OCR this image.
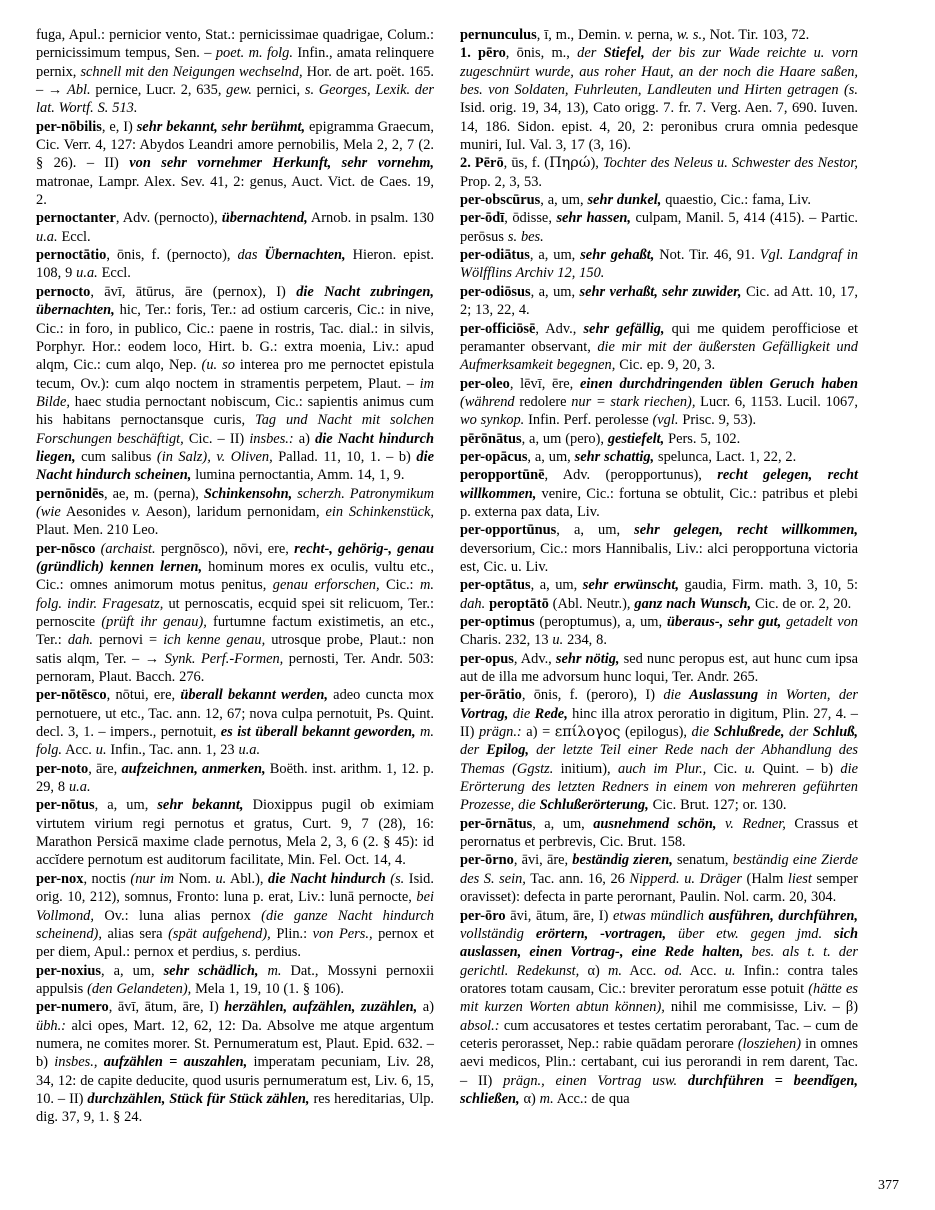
fuga, Apul.: pernicior vento, Stat.: pernicissimae quadrigae, Colum.: pernicissimum tempus, Sen. – poet. m. folg. Infin., amata relinquere pernix, schnell mit den Neigungen wechselnd, Hor. de art. poët. 165. – → Abl. pernice, Lucr. 2, 635, gew. pernici, s. Georges, Lexik. der lat. Wortf. S. 513.

per-nōbilis, e, I) sehr bekannt, sehr berühmt, epigramma Graecum, Cic. Verr. 4, 127: Abydos Leandri amore pernobilis, Mela 2, 2, 7 (2. § 26). – II) von sehr vornehmer Herkunft, sehr vornehm, matronae, Lampr. Alex. Sev. 41, 2: genus, Auct. Vict. de Caes. 19, 2.

pernoctanter, Adv. (pernocto), übernachtend, Arnob. in psalm. 130 u.a. Eccl.

pernoctātio, ōnis, f. (pernocto), das Übernachten, Hieron. epist. 108, 9 u.a. Eccl.

pernocto, āvī, ātūrus, āre (pernox), I) die Nacht zubringen, übernachten, hic, Ter.: foris, Ter.: ad ostium carceris, Cic.: in nive, Cic.: in foro, in publico, Cic.: paene in rostris, Tac. dial.: in silvis, Porphyr. Hor.: eodem loco, Hirt. b. G.: extra moenia, Liv.: apud alqm, Cic.: cum alqo, Nep. (u. so interea pro me pernoctet epistula tecum, Ov.): cum alqo noctem in stramentis perpetem, Plaut. – im Bilde, haec studia pernoctant nobiscum, Cic.: sapientis animus cum his habitans pernoctansque curis, Tag und Nacht mit solchen Forschungen beschäftigt, Cic. – II) insbes.: a) die Nacht hindurch liegen, cum salibus (in Salz), v. Oliven, Pallad. 11, 10, 1. – b) die Nacht hindurch scheinen, lumina pernoctantia, Amm. 14, 1, 9.

pernōnidēs, ae, m. (perna), Schinkensohn, scherzh. Patronymikum (wie Aesonides v. Aeson), laridum pernonidam, ein Schinkenstück, Plaut. Men. 210 Leo.

per-nōsco (archaist. pergnōsco), nōvi, ere, recht-, gehörig-, genau (gründlich) kennen lernen, hominum mores ex oculis, vultu etc., Cic.: omnes animorum motus penitus, genau erforschen, Cic.: m. folg. indir. Fragesatz, ut pernoscatis, ecquid spei sit relicuom, Ter.: pernoscite (prüft ihr genau), furtumne factum existimetis, an etc., Ter.: dah. pernovi = ich kenne genau, utrosque probe, Plaut.: non satis alqm, Ter. – → Synk. Perf.-Formen, pernosti, Ter. Andr. 503: pernoram, Plaut. Bacch. 276.

per-nōtēsco, nōtui, ere, überall bekannt werden, adeo cuncta mox pernotuere, ut etc., Tac. ann. 12, 67; nova culpa pernotuit, Ps. Quint. decl. 3, 1. – impers., pernotuit, es ist überall bekannt geworden, m. folg. Acc. u. Infin., Tac. ann. 1, 23 u.a.

per-noto, āre, aufzeichnen, anmerken, Boëth. inst. arithm. 1, 12. p. 29, 8 u.a.

per-nōtus, a, um, sehr bekannt, Dioxippus pugil ob eximiam virtutem virium regi pernotus et gratus, Curt. 9, 7 (28), 16: Marathon Persicā maxime clade pernotus, Mela 2, 3, 6 (2. § 45): id accĭdere pernotum est auditorum facilitate, Min. Fel. Oct. 14, 4.

per-nox, noctis (nur im Nom. u. Abl.), die Nacht hindurch (s. Isid. orig. 10, 212), somnus, Fronto: luna p. erat, Liv.: lunā pernocte, bei Vollmond, Ov.: luna alias pernox (die ganze Nacht hindurch scheinend), alias sera (spät aufgehend), Plin.: von Pers., pernox et per diem, Apul.: pernox et perdius, s. perdius.

per-noxius, a, um, sehr schädlich, m. Dat., Mossyni pernoxii appulsis (den Gelandeten), Mela 1, 19, 10 (1. § 106).

per-numero, āvī, ātum, āre, I) herzählen, aufzählen, zuzählen, a) übh.: alci opes, Mart. 12, 62, 12: Da. Absolve me atque argentum numera, ne comites morer. St. Pernumeratum est, Plaut. Epid. 632. – b) insbes., aufzählen = auszahlen, imperatam pecuniam, Liv. 28, 34, 12: de capite deducite, quod usuris pernumeratum est, Liv. 6, 15, 10. – II) durchzählen, Stück für Stück zählen, res hereditarias, Ulp. dig. 37, 9, 1. § 24.

pernunculus, ī, m., Demin. v. perna, w. s., Not. Tir. 103, 72.

1. pēro, ōnis, m., der Stiefel, der bis zur Wade reichte u. vorn zugeschnürt wurde, aus roher Haut, an der noch die Haare saßen, bes. von Soldaten, Fuhrleuten, Landleuten und Hirten getragen (s. Isid. orig. 19, 34, 13), Cato origg. 7. fr. 7. Verg. Aen. 7, 690. Iuven. 14, 186. Sidon. epist. 4, 20, 2: peronibus crura omnia pedesque muniri, Iul. Val. 3, 17 (3, 16).

2. Pērō, ūs, f. (Πηρώ), Tochter des Neleus u. Schwester des Nestor, Prop. 2, 3, 53.

per-obscūrus, a, um, sehr dunkel, quaestio, Cic.: fama, Liv.

per-ōdī, ōdisse, sehr hassen, culpam, Manil. 5, 414 (415). – Partic. perōsus s. bes.

per-odiātus, a, um, sehr gehaßt, Not. Tir. 46, 91. Vgl. Landgraf in Wölfflins Archiv 12, 150.

per-odiōsus, a, um, sehr verhaßt, sehr zuwider, Cic. ad Att. 10, 17, 2; 13, 22, 4.

per-officiōsē, Adv., sehr gefällig, qui me quidem perofficiose et peramanter observant, die mir mit der äußersten Gefälligkeit und Aufmerksamkeit begegnen, Cic. ep. 9, 20, 3.

per-oleo, lēvī, ēre, einen durchdringenden üblen Geruch haben (während redolere nur = stark riechen), Lucr. 6, 1153. Lucil. 1067, wo synkop. Infin. Perf. perolesse (vgl. Prisc. 9, 53).

pērōnātus, a, um (pero), gestiefelt, Pers. 5, 102.

per-opācus, a, um, sehr schattig, spelunca, Lact. 1, 22, 2.

peropportūnē, Adv. (peropportunus), recht gelegen, recht willkommen, venire, Cic.: fortuna se obtulit, Cic.: patribus et plebi p. externa pax data, Liv.

per-opportūnus, a, um, sehr gelegen, recht willkommen, deversorium, Cic.: mors Hannibalis, Liv.: alci peropportuna victoria est, Cic. u. Liv.

per-optātus, a, um, sehr erwünscht, gaudia, Firm. math. 3, 10, 5: dah. peroptātō (Abl. Neutr.), ganz nach Wunsch, Cic. de or. 2, 20.

per-optimus (peroptumus), a, um, überaus-, sehr gut, getadelt von Charis. 232, 13 u. 234, 8.

per-opus, Adv., sehr nötig, sed nunc peropus est, aut hunc cum ipsa aut de illa me advorsum hunc loqui, Ter. Andr. 265.

per-ōrātio, ōnis, f. (peroro), I) die Auslassung in Worten, der Vortrag, die Rede, hinc illa atrox peroratio in digitum, Plin. 27, 4. – II) prägn.: a) = επίλογος (epilogus), die Schlußrede, der Schluß, der Epilog, der letzte Teil einer Rede nach der Abhandlung des Themas (Ggstz. initium), auch im Plur., Cic. u. Quint. – b) die Erörterung des letzten Redners in einem von mehreren geführten Prozesse, die Schlußerörterung, Cic. Brut. 127; or. 130.

per-ōrnātus, a, um, ausnehmend schön, v. Redner, Crassus et perornatus et perbrevis, Cic. Brut. 158.

per-ōrno, āvi, āre, beständig zieren, senatum, beständig eine Zierde des S. sein, Tac. ann. 16, 26 Nipperd. u. Dräger (Halm liest semper oravisset): defecta in parte perornant, Paulin. Nol. carm. 20, 304.

per-ōro āvi, ātum, āre, I) etwas mündlich ausführen, durchführen, vollständig erörtern, -vortragen, über etw. gegen jmd. sich auslassen, einen Vortrag-, eine Rede halten, bes. als t. t. der gerichtl. Redekunst, α) m. Acc. od. Acc. u. Infin.: contra tales oratores totam causam, Cic.: breviter peroratum esse potuit (hätte es mit kurzen Worten abtun können), nihil me commisisse, Liv. – β) absol.: cum accusatores et testes certatim perorabant, Tac. – cum de ceteris perorasset, Nep.: rabie quādam perorare (losziehen) in omnes aevi medicos, Plin.: certabant, cui ius perorandi in rem darent, Tac. – II) prägn., einen Vortrag usw. durchführen = beendĭgen, schließen, α) m. Acc.: de qua

377
